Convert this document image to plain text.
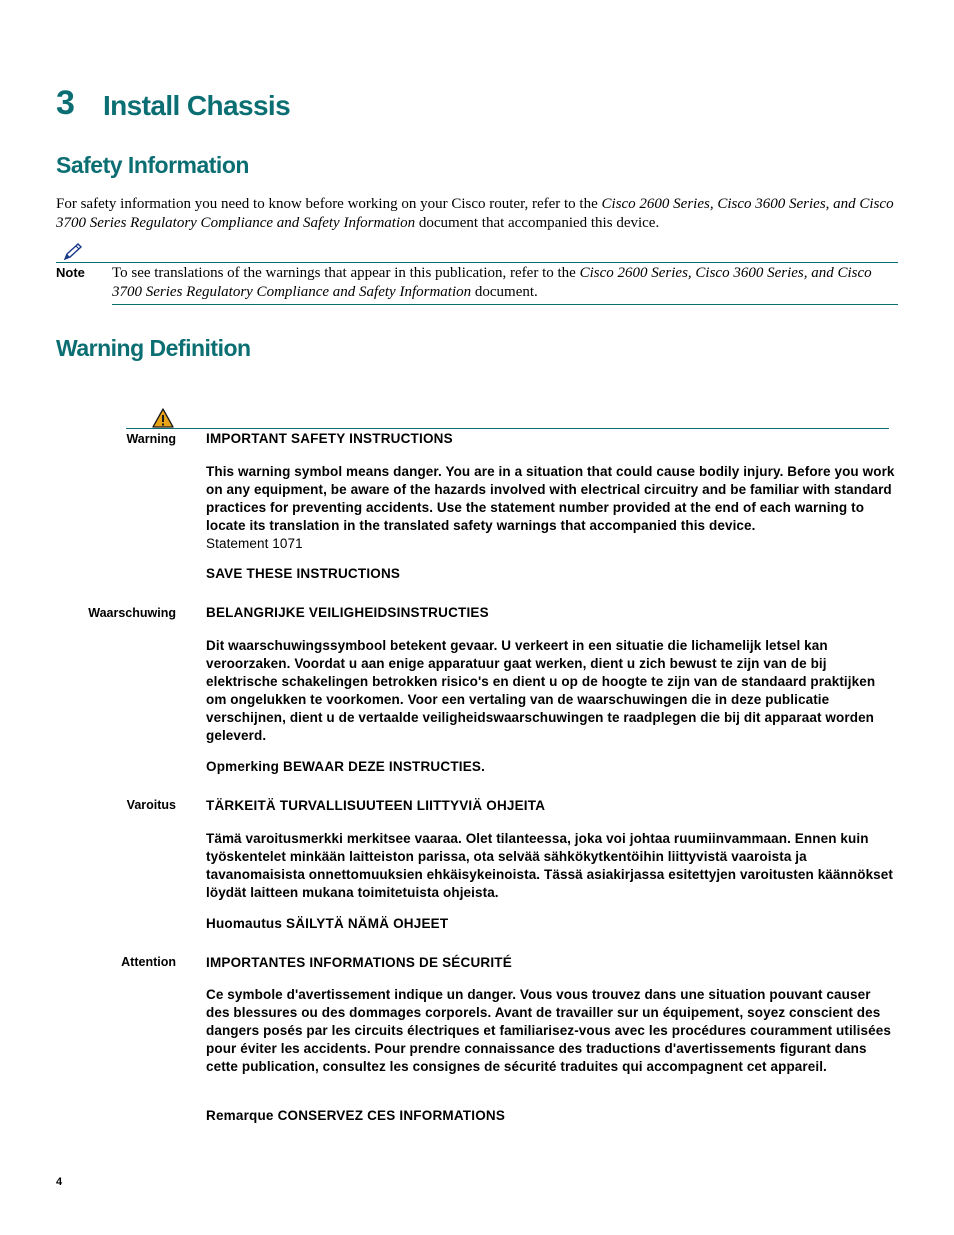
3 Install Chassis
Safety Information
For safety information you need to know before working on your Cisco router, refer to the Cisco 2600 Series, Cisco 3600 Series, and Cisco 3700 Series Regulatory Compliance and Safety Information document that accompanied this device.
Note To see translations of the warnings that appear in this publication, refer to the Cisco 2600 Series, Cisco 3600 Series, and Cisco 3700 Series Regulatory Compliance and Safety Information document.
Warning Definition
Warning IMPORTANT SAFETY INSTRUCTIONS
This warning symbol means danger. You are in a situation that could cause bodily injury. Before you work on any equipment, be aware of the hazards involved with electrical circuitry and be familiar with standard practices for preventing accidents. Use the statement number provided at the end of each warning to locate its translation in the translated safety warnings that accompanied this device.
Statement 1071
SAVE THESE INSTRUCTIONS
Waarschuwing BELANGRIJKE VEILIGHEIDSINSTRUCTIES
Dit waarschuwingssymbool betekent gevaar. U verkeert in een situatie die lichamelijk letsel kan veroorzaken. Voordat u aan enige apparatuur gaat werken, dient u zich bewust te zijn van de bij elektrische schakelingen betrokken risico's en dient u op de hoogte te zijn van de standaard praktijken om ongelukken te voorkomen. Voor een vertaling van de waarschuwingen die in deze publicatie verschijnen, dient u de vertaalde veiligheidswaarschuwingen te raadplegen die bij dit apparaat worden geleverd.
Opmerking BEWAAR DEZE INSTRUCTIES.
Varoitus TÄRKEITÄ TURVALLISUUTEEN LIITTYVIÄ OHJEITA
Tämä varoitusmerkki merkitsee vaaraa. Olet tilanteessa, joka voi johtaa ruumiinvammaan. Ennen kuin työskentelet minkään laitteiston parissa, ota selvää sähkökytkentöihin liittyvistä vaaroista ja tavanomaisista onnettomuuksien ehkäisykeinoista. Tässä asiakirjassa esitettyjen varoitusten käännökset löydät laitteen mukana toimitetuista ohjeista.
Huomautus SÄILYTÄ NÄMÄ OHJEET
Attention IMPORTANTES INFORMATIONS DE SÉCURITÉ
Ce symbole d'avertissement indique un danger. Vous vous trouvez dans une situation pouvant causer des blessures ou des dommages corporels. Avant de travailler sur un équipement, soyez conscient des dangers posés par les circuits électriques et familiarisez-vous avec les procédures couramment utilisées pour éviter les accidents. Pour prendre connaissance des traductions d'avertissements figurant dans cette publication, consultez les consignes de sécurité traduites qui accompagnent cet appareil.
Remarque CONSERVEZ CES INFORMATIONS
4
